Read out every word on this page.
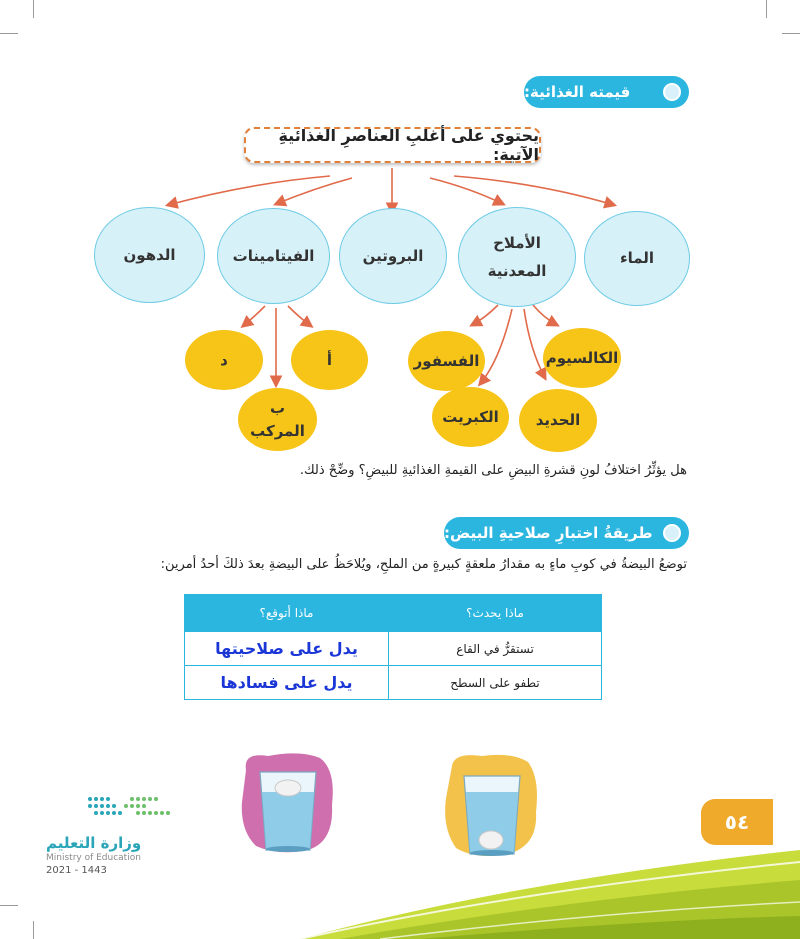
قيمته الغذائية:
يحتوي على أغلبِ العناصرِ الغذائيةِ الآتية:
الماء
الأملاح
المعدنية
البروتين
الفيتامينات
الدهون
الكالسيوم
الفسفور
الحديد
الكبريت
أ
د
ب
المركب
هل يؤثِّرُ اختلافُ لونِ قشرةِ البيضِ على القيمةِ الغذائيةِ للبيضِ؟ وضِّحْ ذلك.
طريقةُ اختبارِ صلاحيةِ البيض:
توضعُ البيضةُ في كوبِ ماءٍ به مقدارُ ملعقةٍ كبيرةٍ من الملحِ، ويُلاحَظُ على البيضةِ بعدَ ذلكَ أحدُ أمرين:
ماذا يحدث؟	ماذا أتوقع؟
تستقرُّ في القاع	يدل على صلاحيتها
تطفو على السطح	يدل على فسادها
٥٤
وزارة التعليم
Ministry of Education
2021 - 1443
